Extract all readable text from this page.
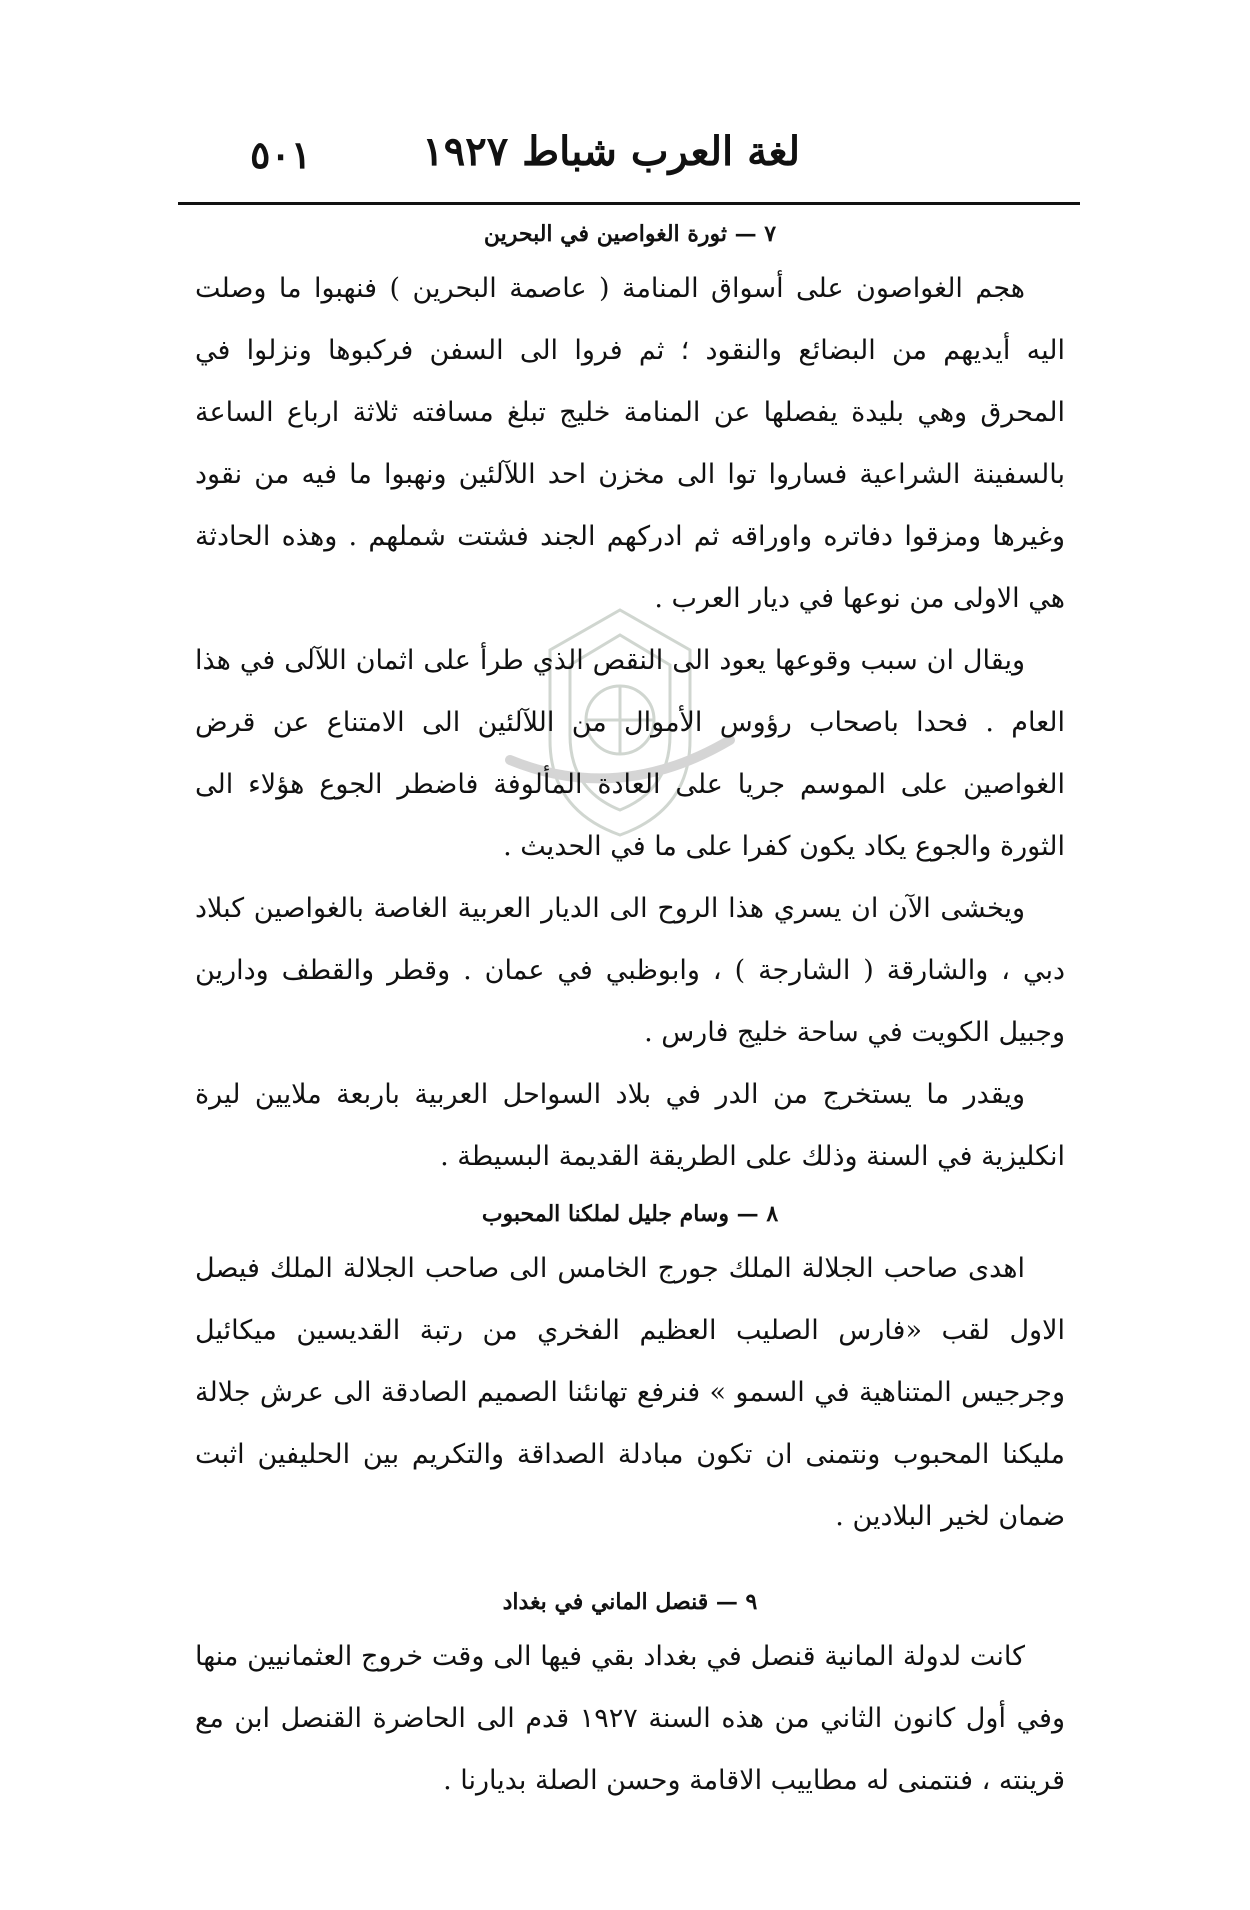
لغة العرب شباط ١٩٢٧
٥٠١
٧ — ثورة الغواصين في البحرين

هجم الغواصون على أسواق المنامة ( عاصمة البحرين ) فنهبوا ما وصلت اليه أيديهم من البضائع والنقود ؛ ثم فروا الى السفن فركبوها ونزلوا في المحرق وهي بليدة يفصلها عن المنامة خليج تبلغ مسافته ثلاثة ارباع الساعة بالسفينة الشراعية فساروا توا الى مخزن احد اللآلئين ونهبوا ما فيه من نقود وغيرها ومزقوا دفاتره واوراقه ثم ادركهم الجند فشتت شملهم . وهذه الحادثة هي الاولى من نوعها في ديار العرب .

ويقال ان سبب وقوعها يعود الى النقص الذي طرأ على اثمان اللآلى في هذا العام . فحدا باصحاب رؤوس الأموال من اللآلئين الى الامتناع عن قرض الغواصين على الموسم جريا على العادة المألوفة فاضطر الجوع هؤلاء الى الثورة والجوع يكاد يكون كفرا على ما في الحديث .

ويخشى الآن ان يسري هذا الروح الى الديار العربية الغاصة بالغواصين كبلاد دبي ، والشارقة ( الشارجة ) ، وابوظبي في عمان . وقطر والقطف ودارين وجبيل الكويت في ساحة خليج فارس .

ويقدر ما يستخرج من الدر في بلاد السواحل العربية باربعة ملايين ليرة انكليزية في السنة وذلك على الطريقة القديمة البسيطة .

٨ — وسام جليل لملكنا المحبوب

اهدى صاحب الجلالة الملك جورج الخامس الى صاحب الجلالة الملك فيصل الاول لقب «فارس الصليب العظيم الفخري من رتبة القديسين ميكائيل وجرجيس المتناهية في السمو » فنرفع تهانئنا الصميم الصادقة الى عرش جلالة مليكنا المحبوب ونتمنى ان تكون مبادلة الصداقة والتكريم بين الحليفين اثبت ضمان لخير البلادين .

٩ — قنصل الماني في بغداد

كانت لدولة المانية قنصل في بغداد بقي فيها الى وقت خروج العثمانيين منها وفي أول كانون الثاني من هذه السنة ١٩٢٧ قدم الى الحاضرة القنصل ابن مع قرينته ، فنتمنى له مطاييب الاقامة وحسن الصلة بديارنا .
